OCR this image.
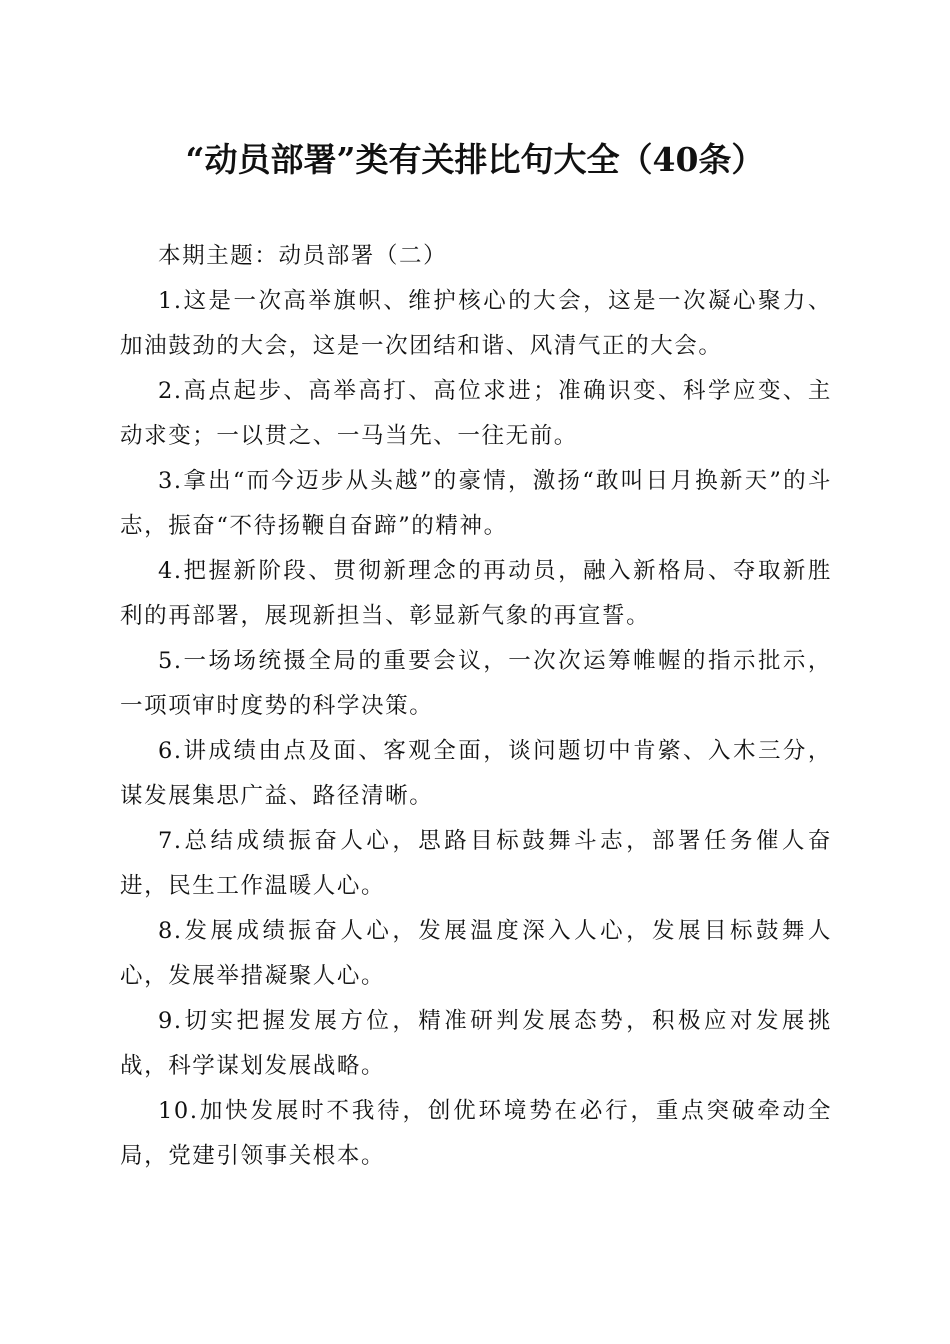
“动员部署”类有关排比句大全（40条）

本期主题：动员部署（二）

1.这是一次高举旗帜、维护核心的大会，这是一次凝心聚力、加油鼓劲的大会，这是一次团结和谐、风清气正的大会。

2.高点起步、高举高打、高位求进；准确识变、科学应变、主动求变；一以贯之、一马当先、一往无前。

3.拿出“而今迈步从头越”的豪情，激扬“敢叫日月换新天”的斗志，振奋“不待扬鞭自奋蹄”的精神。

4.把握新阶段、贯彻新理念的再动员，融入新格局、夺取新胜利的再部署，展现新担当、彰显新气象的再宣誓。

5.一场场统摄全局的重要会议，一次次运筹帷幄的指示批示，一项项审时度势的科学决策。

6.讲成绩由点及面、客观全面，谈问题切中肯綮、入木三分，谋发展集思广益、路径清晰。

7.总结成绩振奋人心，思路目标鼓舞斗志，部署任务催人奋进，民生工作温暖人心。

8.发展成绩振奋人心，发展温度深入人心，发展目标鼓舞人心，发展举措凝聚人心。

9.切实把握发展方位，精准研判发展态势，积极应对发展挑战，科学谋划发展战略。

10.加快发展时不我待，创优环境势在必行，重点突破牵动全局，党建引领事关根本。
